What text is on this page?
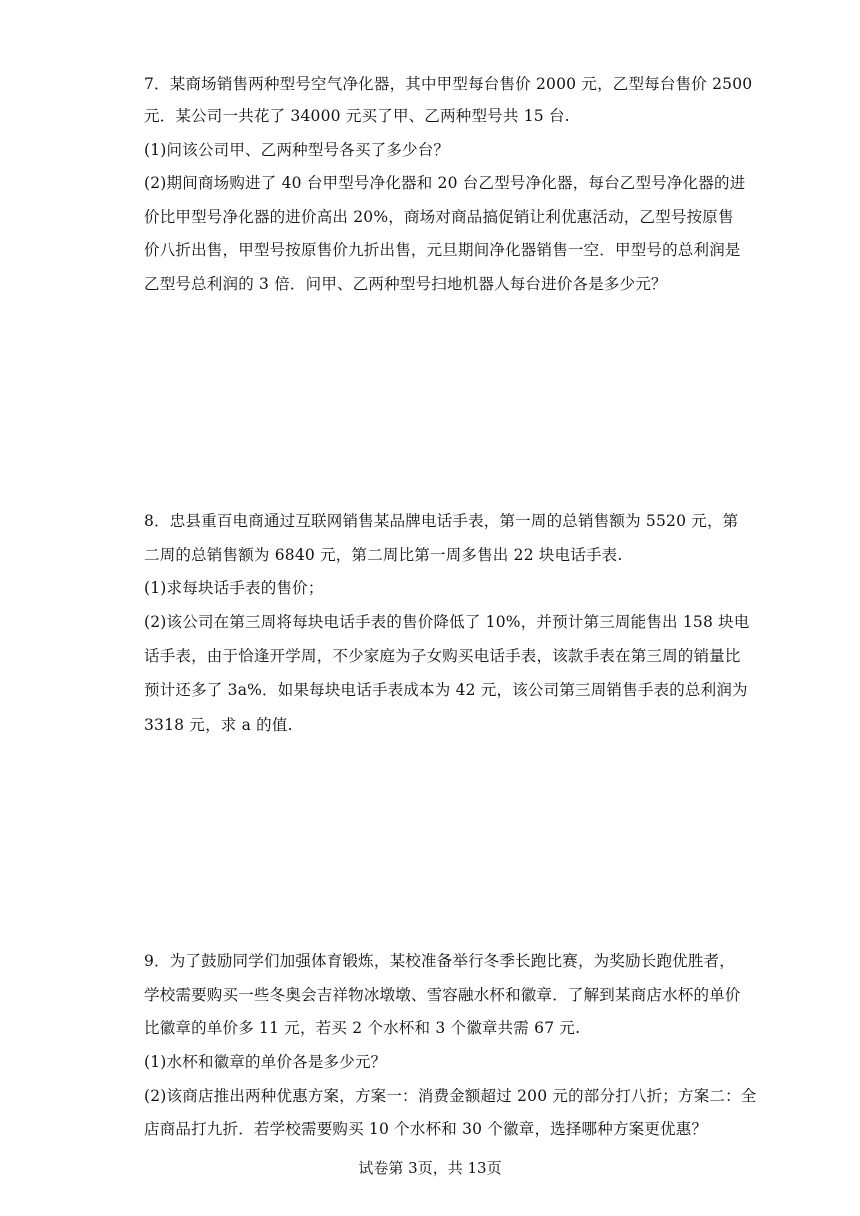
7．某商场销售两种型号空气净化器，其中甲型每台售价 2000 元，乙型每台售价 2500
元．某公司一共花了 34000 元买了甲、乙两种型号共 15 台.
(1)问该公司甲、乙两种型号各买了多少台？
(2)期间商场购进了 40 台甲型号净化器和 20 台乙型号净化器，每台乙型号净化器的进
价比甲型号净化器的进价高出 20%，商场对商品搞促销让利优惠活动，乙型号按原售
价八折出售，甲型号按原售价九折出售，元旦期间净化器销售一空．甲型号的总利润是
乙型号总利润的 3 倍．问甲、乙两种型号扫地机器人每台进价各是多少元？
8．忠县重百电商通过互联网销售某品牌电话手表，第一周的总销售额为 5520 元，第
二周的总销售额为 6840 元，第二周比第一周多售出 22 块电话手表.
(1)求每块话手表的售价；
(2)该公司在第三周将每块电话手表的售价降低了 10%，并预计第三周能售出 158 块电
话手表，由于恰逢开学周，不少家庭为子女购买电话手表，该款手表在第三周的销量比
预计还多了 3a%．如果每块电话手表成本为 42 元，该公司第三周销售手表的总利润为
3318 元，求 a 的值.
9．为了鼓励同学们加强体育锻炼，某校准备举行冬季长跑比赛，为奖励长跑优胜者，
学校需要购买一些冬奥会吉祥物冰墩墩、雪容融水杯和徽章．了解到某商店水杯的单价
比徽章的单价多 11 元，若买 2 个水杯和 3 个徽章共需 67 元.
(1)水杯和徽章的单价各是多少元？
(2)该商店推出两种优惠方案，方案一：消费金额超过 200 元的部分打八折；方案二：全
店商品打九折．若学校需要购买 10 个水杯和 30 个徽章，选择哪种方案更优惠？
试卷第 3页，共 13页
